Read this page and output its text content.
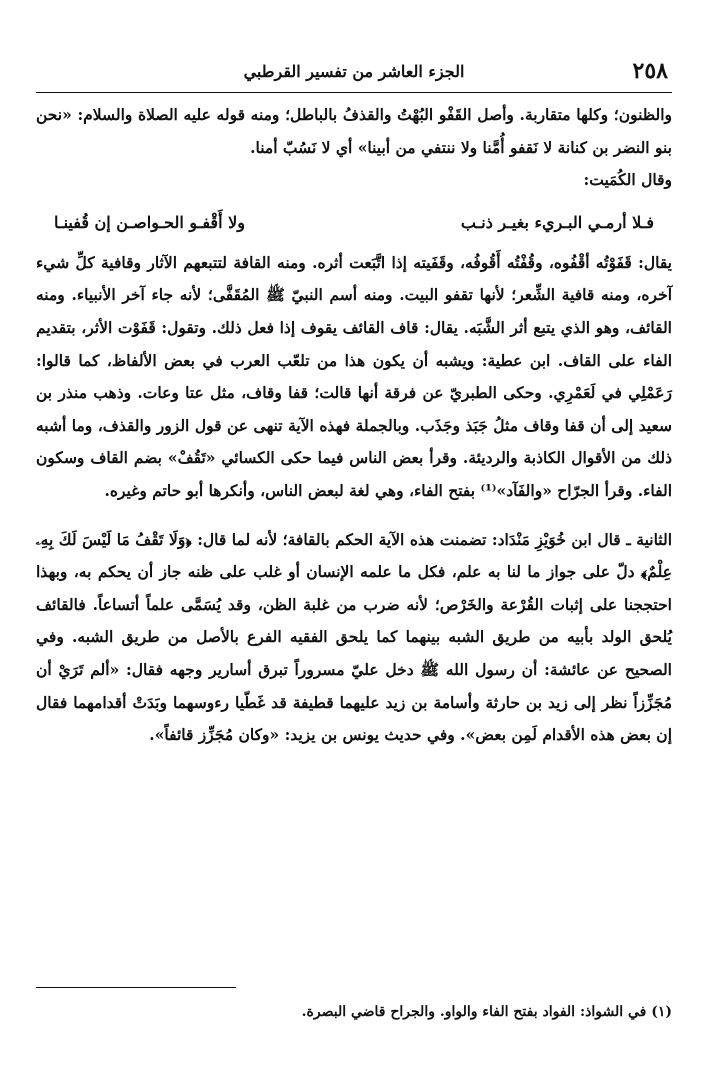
٢٥٨
الجزء العاشر من تفسير القرطبي

والظنون؛ وكلها متقاربة. وأصل القَفْو البُهْتُ والقذفُ بالباطل؛ ومنه قوله عليه الصلاة والسلام: «نحن بنو النضر بن كنانة لا نَقفو أُمَّنا ولا ننتفي من أبينا» أي لا نَسُبّ أمنا.

وقال الكُمَيت:

فـلا أرمـي البـريء بغيـر ذنـب
ولا أَقْفـو الحـواصـن إن قُفينـا

يقال: قَفَوْتُه أقْفُوه، وقُفْتُه أَقُوفُه، وقَفَيته إذا اتَّبَعت أثره. ومنه القافة لتتبعهم الآثار وقافية كلِّ شيء آخره، ومنه قافية الشِّعر؛ لأنها تقفو البيت. ومنه أسم النبيّ ﷺ المُقَفَّى؛ لأنه جاء آخر الأنبياء. ومنه القائف، وهو الذي يتبع أثر الشَّبَه. يقال: قاف القائف يقوف إذا فعل ذلك. وتقول: قَفَوْت الأثر، بتقديم الفاء على القاف. ابن عطية: ويشبه أن يكون هذا من تلعّب العرب في بعض الألفاظ، كما قالوا: رَعَمْلِي في لَعَمْرِي. وحكى الطبريّ عن فرقة أنها قالت؛ قفا وقاف، مثل عتا وعات. وذهب منذر بن سعيد إلى أن قفا وقاف مثلُ جَبَذ وجَذَب. وبالجملة فهذه الآية تنهى عن قول الزور والقذف، وما أشبه ذلك من الأقوال الكاذبة والرديئة. وقرأ بعض الناس فيما حكى الكسائي «تَقُفْ» بضم القاف وسكون الفاء. وقرأ الجرّاح «والفَآد»⁽¹⁾ بفتح الفاء، وهي لغة لبعض الناس، وأنكرها أبو حاتم وغيره.

الثانية ـ قال ابن خُوَيْزِ مَنْدَاد: تضمنت هذه الآية الحكم بالقافة؛ لأنه لما قال: ﴿وَلَا تَقْفُ مَا لَيْسَ لَكَ بِهِۦ عِلْمٌ﴾ دلّ على جواز ما لنا به علم، فكل ما علمه الإنسان أو غلب على ظنه جاز أن يحكم به، وبهذا احتججنا على إثبات القُرْعة والخَرْص؛ لأنه ضرب من غلبة الظن، وقد يُسَمَّى علماً أتساعاً. فالقائف يُلحق الولد بأبيه من طريق الشبه بينهما كما يلحق الفقيه الفرع بالأصل من طريق الشبه. وفي الصحيح عن عائشة: أن رسول الله ﷺ دخل عليّ مسروراً تبرق أسارير وجهه فقال: «ألم تَرَيْ أن مُجَزِّزاً نظر إلى زيد بن حارثة وأسامة بن زيد عليهما قطيفة قد غَطّيا رءوسهما وبَدَتْ أقدامهما فقال إن بعض هذه الأقدام لَمِن بعض». وفي حديث يونس بن يزيد: «وكان مُجَزِّز قائفاً».

(١) في الشواذ: الفواد بفتح الفاء والواو. والجراح قاضي البصرة.
